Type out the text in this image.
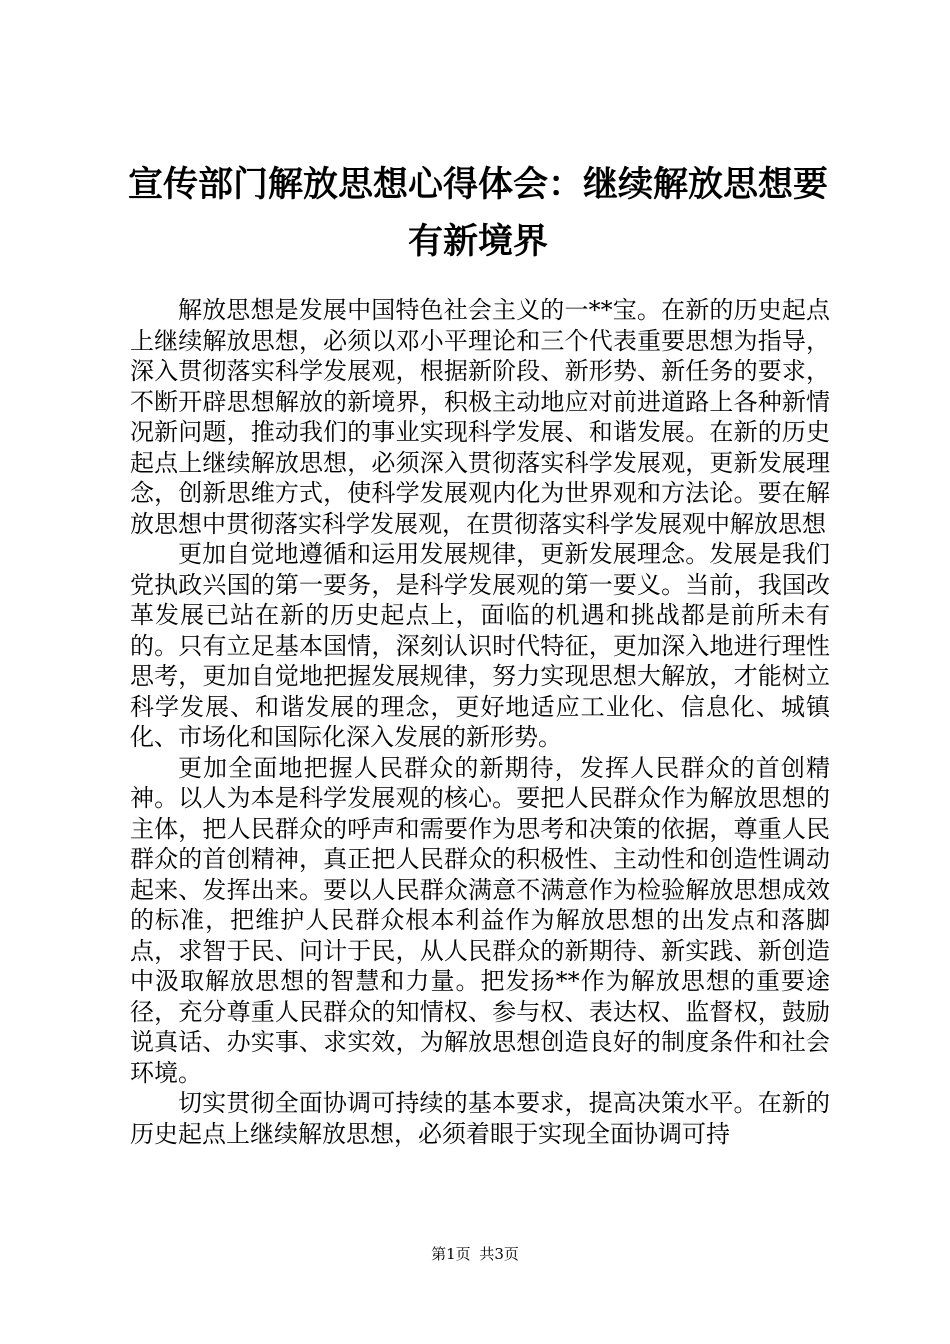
宣传部门解放思想心得体会：继续解放思想要有新境界

解放思想是发展中国特色社会主义的一**宝。在新的历史起点上继续解放思想，必须以邓小平理论和三个代表重要思想为指导，深入贯彻落实科学发展观，根据新阶段、新形势、新任务的要求，不断开辟思想解放的新境界，积极主动地应对前进道路上各种新情况新问题，推动我们的事业实现科学发展、和谐发展。在新的历史起点上继续解放思想，必须深入贯彻落实科学发展观，更新发展理念，创新思维方式，使科学发展观内化为世界观和方法论。要在解放思想中贯彻落实科学发展观，在贯彻落实科学发展观中解放思想

更加自觉地遵循和运用发展规律，更新发展理念。发展是我们党执政兴国的第一要务，是科学发展观的第一要义。当前，我国改革发展已站在新的历史起点上，面临的机遇和挑战都是前所未有的。只有立足基本国情，深刻认识时代特征，更加深入地进行理性思考，更加自觉地把握发展规律，努力实现思想大解放，才能树立科学发展、和谐发展的理念，更好地适应工业化、信息化、城镇化、市场化和国际化深入发展的新形势。

更加全面地把握人民群众的新期待，发挥人民群众的首创精神。以人为本是科学发展观的核心。要把人民群众作为解放思想的主体，把人民群众的呼声和需要作为思考和决策的依据，尊重人民群众的首创精神，真正把人民群众的积极性、主动性和创造性调动起来、发挥出来。要以人民群众满意不满意作为检验解放思想成效的标准，把维护人民群众根本利益作为解放思想的出发点和落脚点，求智于民、问计于民，从人民群众的新期待、新实践、新创造中汲取解放思想的智慧和力量。把发扬**作为解放思想的重要途径，充分尊重人民群众的知情权、参与权、表达权、监督权，鼓励说真话、办实事、求实效，为解放思想创造良好的制度条件和社会环境。

切实贯彻全面协调可持续的基本要求，提高决策水平。在新的历史起点上继续解放思想，必须着眼于实现全面协调可持

第1页 共3页
